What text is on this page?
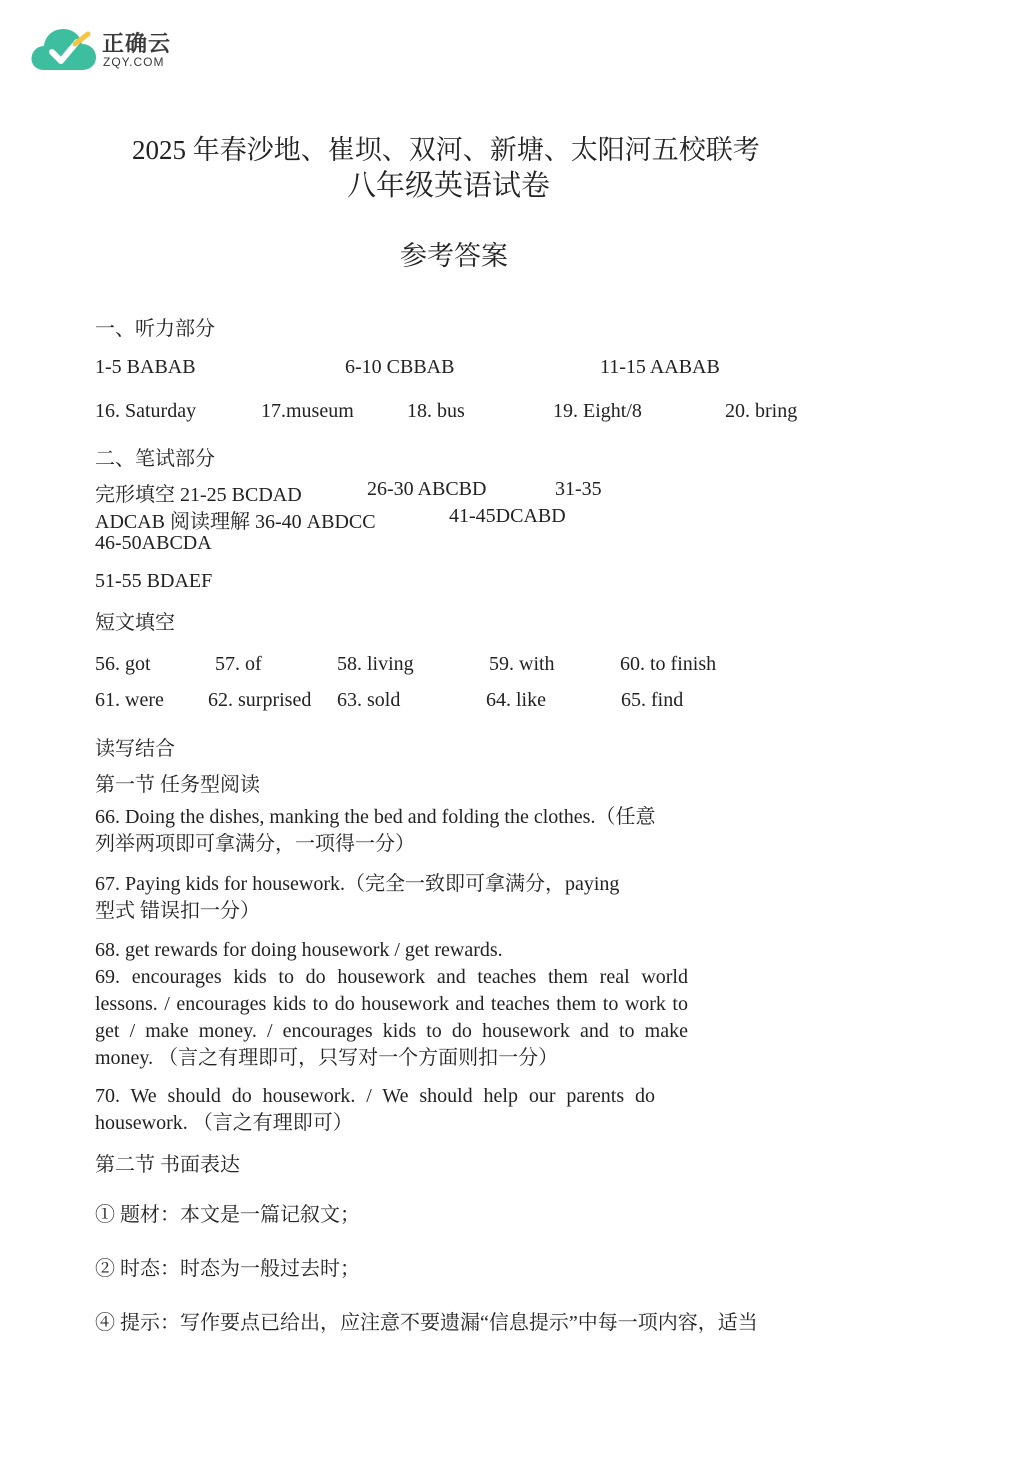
正确云
ZQY.COM
2025 年春沙地、崔坝、双河、新塘、太阳河五校联考
八年级英语试卷
参考答案
一、听力部分
1-5 BABAB	6-10 CBBAB	11-15 AABAB
16. Saturday	17.museum	18. bus	19. Eight/8	20. bring
二、笔试部分
完形填空 21-25 BCDAD	26-30 ABCBD	31-35
ADCAB 阅读理解 36-40 ABDCC	41-45DCABD
46-50ABCDA
51-55 BDAEF
短文填空
56. got	57. of	58. living	59. with	60. to finish
61. were 62. surprised 63. sold	64. like	65. find
读写结合
第一节 任务型阅读
66. Doing the dishes, manking the bed and folding the clothes.（任意 列举两项即可拿满分，一项得一分）
67. Paying kids for housework.（完全一致即可拿满分，paying 型式 错误扣一分）
68. get rewards for doing housework / get rewards.
69. encourages kids to do housework and teaches them real world lessons. / encourages kids to do housework and teaches them to work to get / make money. / encourages kids to do housework and to make money. （言之有理即可，只写对一个方面则扣一分）
70. We should do housework. / We should help our parents do housework. （言之有理即可）
第二节 书面表达
① 题材：本文是一篇记叙文；
② 时态：时态为一般过去时；
④ 提示：写作要点已给出，应注意不要遗漏“信息提示”中每一项内容，适当
